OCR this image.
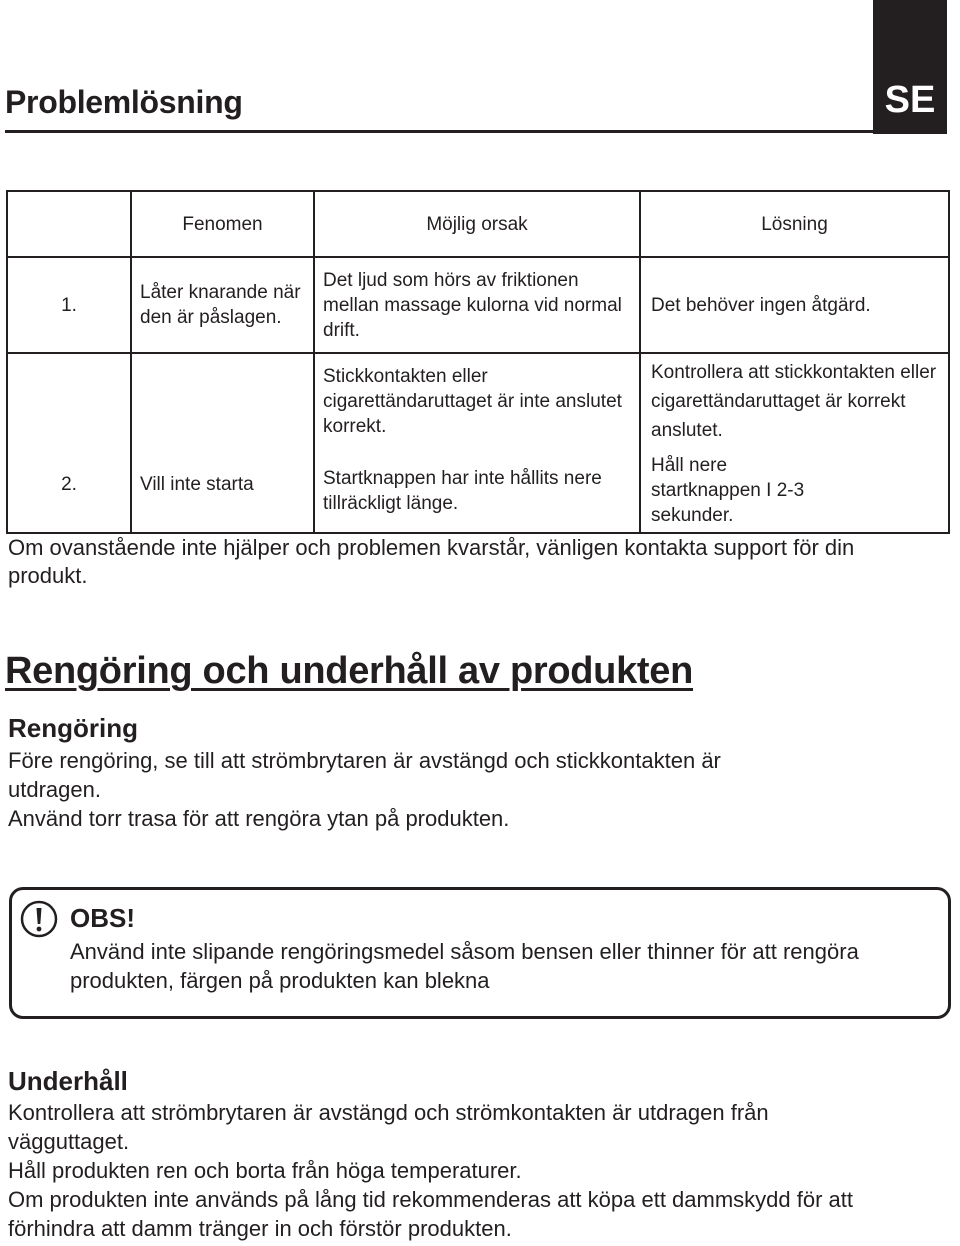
SE
Problemlösning
	Fenomen	Möjlig orsak	Lösning
1.	Låter knarande när den är påslagen.	Det ljud som hörs av friktionen mellan massage kulorna vid normal drift.	Det behöver ingen åtgärd.
2.	Vill inte starta	Stickkontakten eller cigarettändaruttaget är inte anslutet korrekt.	Kontrollera att stickkontakten eller cigarettändaruttaget är korrekt anslutet.
		Startknappen har inte hållits nere tillräckligt länge.	Håll nere startknappen I 2-3 sekunder.

Om ovanstående inte hjälper och problemen kvarstår, vänligen kontakta support för din produkt.

Rengöring och underhåll av produkten
Rengöring

Före rengöring, se till att strömbrytaren är avstängd och stickkontakten är utdragen.

Använd torr trasa för att rengöra ytan på produkten.

OBS!

Använd inte slipande rengöringsmedel såsom bensen eller thinner för att rengöra produkten, färgen på produkten kan blekna

Underhåll

Kontrollera att strömbrytaren är avstängd och strömkontakten är utdragen från vägguttaget.

Håll produkten ren och borta från höga temperaturer.

Om produkten inte används på lång tid rekommenderas att köpa ett dammskydd för att förhindra att damm tränger in och förstör produkten.
